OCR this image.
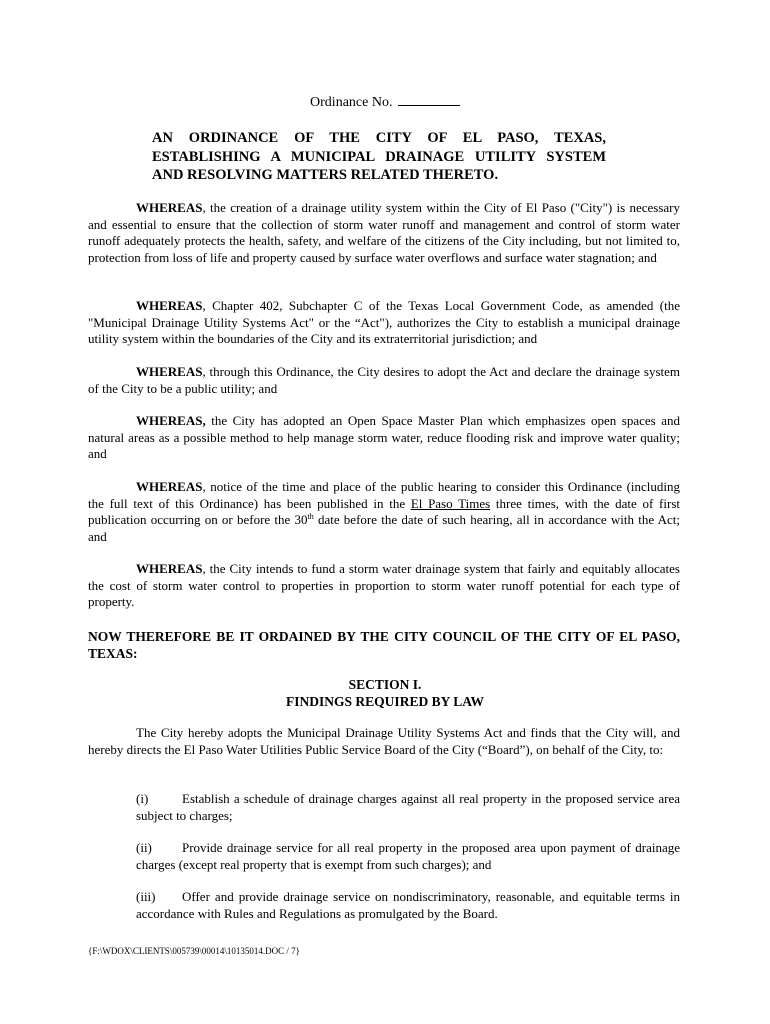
Ordinance No.
AN ORDINANCE OF THE CITY OF EL PASO, TEXAS,
ESTABLISHING A MUNICIPAL DRAINAGE UTILITY SYSTEM
AND RESOLVING MATTERS RELATED THERETO.

WHEREAS, the creation of a drainage utility system within the City of El Paso ("City") is necessary and essential to ensure that the collection of storm water runoff and management and control of storm water runoff adequately protects the health, safety, and welfare of the citizens of the City including, but not limited to, protection from loss of life and property caused by surface water overflows and surface water stagnation; and

WHEREAS, Chapter 402, Subchapter C of the Texas Local Government Code, as amended (the "Municipal Drainage Utility Systems Act" or the “Act"), authorizes the City to establish a municipal drainage utility system within the boundaries of the City and its extraterritorial jurisdiction; and

WHEREAS, through this Ordinance, the City desires to adopt the Act and declare the drainage system of the City to be a public utility; and

WHEREAS, the City has adopted an Open Space Master Plan which emphasizes open spaces and natural areas as a possible method to help manage storm water, reduce flooding risk and improve water quality; and

WHEREAS, notice of the time and place of the public hearing to consider this Ordinance (including the full text of this Ordinance) has been published in the El Paso Times three times, with the date of first publication occurring on or before the 30th date before the date of such hearing, all in accordance with the Act; and

WHEREAS, the City intends to fund a storm water drainage system that fairly and equitably allocates the cost of storm water control to properties in proportion to storm water runoff potential for each type of property.

NOW THEREFORE BE IT ORDAINED BY THE CITY COUNCIL OF THE CITY OF EL PASO, TEXAS:
SECTION I.
FINDINGS REQUIRED BY LAW

The City hereby adopts the Municipal Drainage Utility Systems Act and finds that the City will, and hereby directs the El Paso Water Utilities Public Service Board of the City (“Board”), on behalf of the City, to:

(i)	Establish a schedule of drainage charges against all real property in the proposed service area subject to charges;
(ii) Provide drainage service for all real property in the proposed area upon payment of drainage charges (except real property that is exempt from such charges); and
(iii) Offer and provide drainage service on nondiscriminatory, reasonable, and equitable terms in accordance with Rules and Regulations as promulgated by the Board.
{F:\WDOX\CLIENTS\005739\00014\10135014.DOC / 7}
